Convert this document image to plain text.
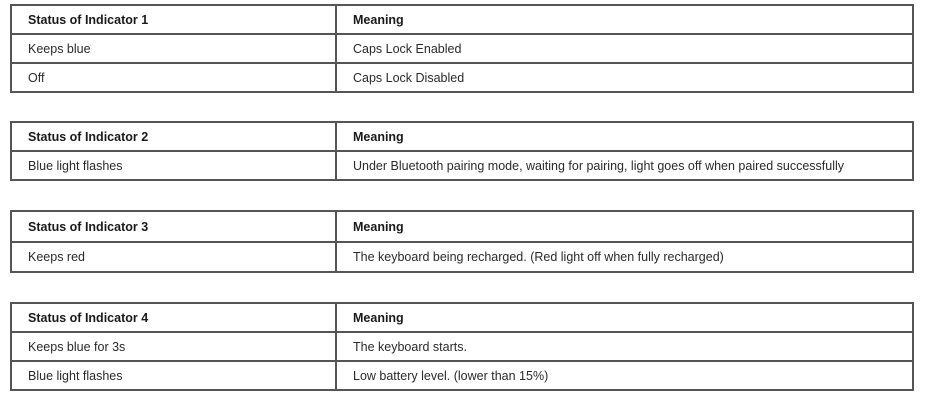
Status of Indicator 1	Meaning
Keeps blue	Caps Lock Enabled
Off	Caps Lock Disabled
Status of Indicator 2	Meaning
Blue light flashes	Under Bluetooth pairing mode, waiting for pairing, light goes off when paired successfully
Status of Indicator 3	Meaning
Keeps red	The keyboard being recharged. (Red light off when fully recharged)
Status of Indicator 4	Meaning
Keeps blue for 3s	The keyboard starts.
Blue light flashes	Low battery level. (lower than 15%)
